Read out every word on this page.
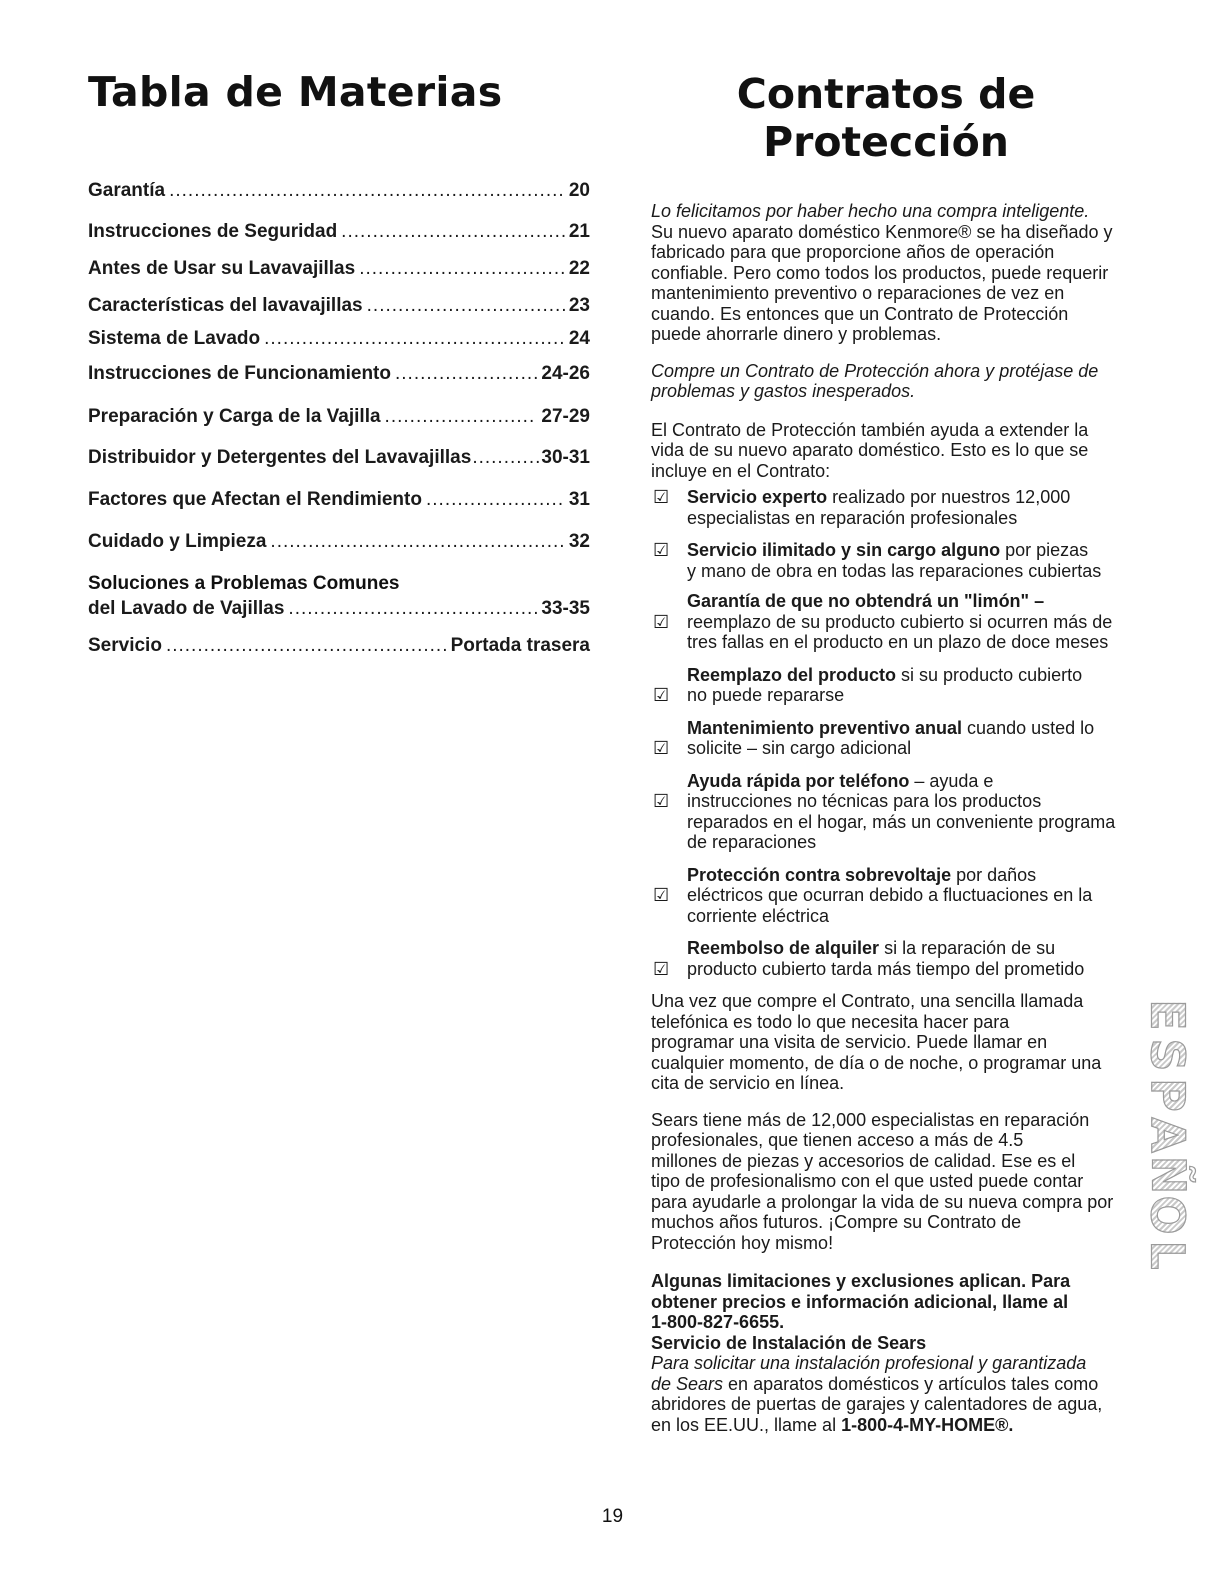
Tabla de Materias
Garantía .....	20
Instrucciones de Seguridad .....	21
Antes de Usar su Lavavajillas .....	22
Características del lavavajillas .....	23
Sistema de Lavado .....	24
Instrucciones de Funcionamiento .....	24-26
Preparación y Carga de la Vajilla .....	27-29
Distribuidor y Detergentes del Lavavajillas .....	30-31
Factores que Afectan el Rendimiento .....	31
Cuidado y Limpieza .....	32
Soluciones a Problemas Comunes
del Lavado de Vajillas .....	33-35
Servicio .....	Portada trasera
Contratos de
Protección

Lo felicitamos por haber hecho una compra inteligente.

Su nuevo aparato doméstico Kenmore® se ha diseñado y

fabricado para que proporcione años de operación

confiable. Pero como todos los productos, puede requerir

mantenimiento preventivo o reparaciones de vez en

cuando. Es entonces que un Contrato de Protección

puede ahorrarle dinero y problemas.

Compre un Contrato de Protección ahora y protéjase de

problemas y gastos inesperados.

El Contrato de Protección también ayuda a extender la

vida de su nuevo aparato doméstico. Esto es lo que se

incluye en el Contrato:

☑ Servicio experto realizado por nuestros 12,000
especialistas en reparación profesionales
☑ Servicio ilimitado y sin cargo alguno por piezas
y mano de obra en todas las reparaciones cubiertas
☑
Garantía de que no obtendrá un "limón" –
reemplazo de su producto cubierto si ocurren más de
tres fallas en el producto en un plazo de doce meses
☑
Reemplazo del producto si su producto cubierto
no puede repararse
☑
Mantenimiento preventivo anual cuando usted lo
solicite – sin cargo adicional
☑
Ayuda rápida por teléfono – ayuda e
instrucciones no técnicas para los productos
reparados en el hogar, más un conveniente programa
de reparaciones
☑
Protección contra sobrevoltaje por daños
eléctricos que ocurran debido a fluctuaciones en la
corriente eléctrica
☑
Reembolso de alquiler si la reparación de su
producto cubierto tarda más tiempo del prometido

Una vez que compre el Contrato, una sencilla llamada

telefónica es todo lo que necesita hacer para

programar una visita de servicio. Puede llamar en

cualquier momento, de día o de noche, o programar una

cita de servicio en línea.

Sears tiene más de 12,000 especialistas en reparación

profesionales, que tienen acceso a más de 4.5

millones de piezas y accesorios de calidad. Ese es el

tipo de profesionalismo con el que usted puede contar

para ayudarle a prolongar la vida de su nueva compra por

muchos años futuros. ¡Compre su Contrato de

Protección hoy mismo!

Algunas limitaciones y exclusiones aplican. Para

obtener precios e información adicional, llame al

1-800-827-6655.

Servicio de Instalación de Sears

Para solicitar una instalación profesional y garantizada

de Sears en aparatos domésticos y artículos tales como

abridores de puertas de garajes y calentadores de agua,

en los EE.UU., llame al 1-800-4-MY-HOME®.

E
S
P
A
Ñ
O
L
19
